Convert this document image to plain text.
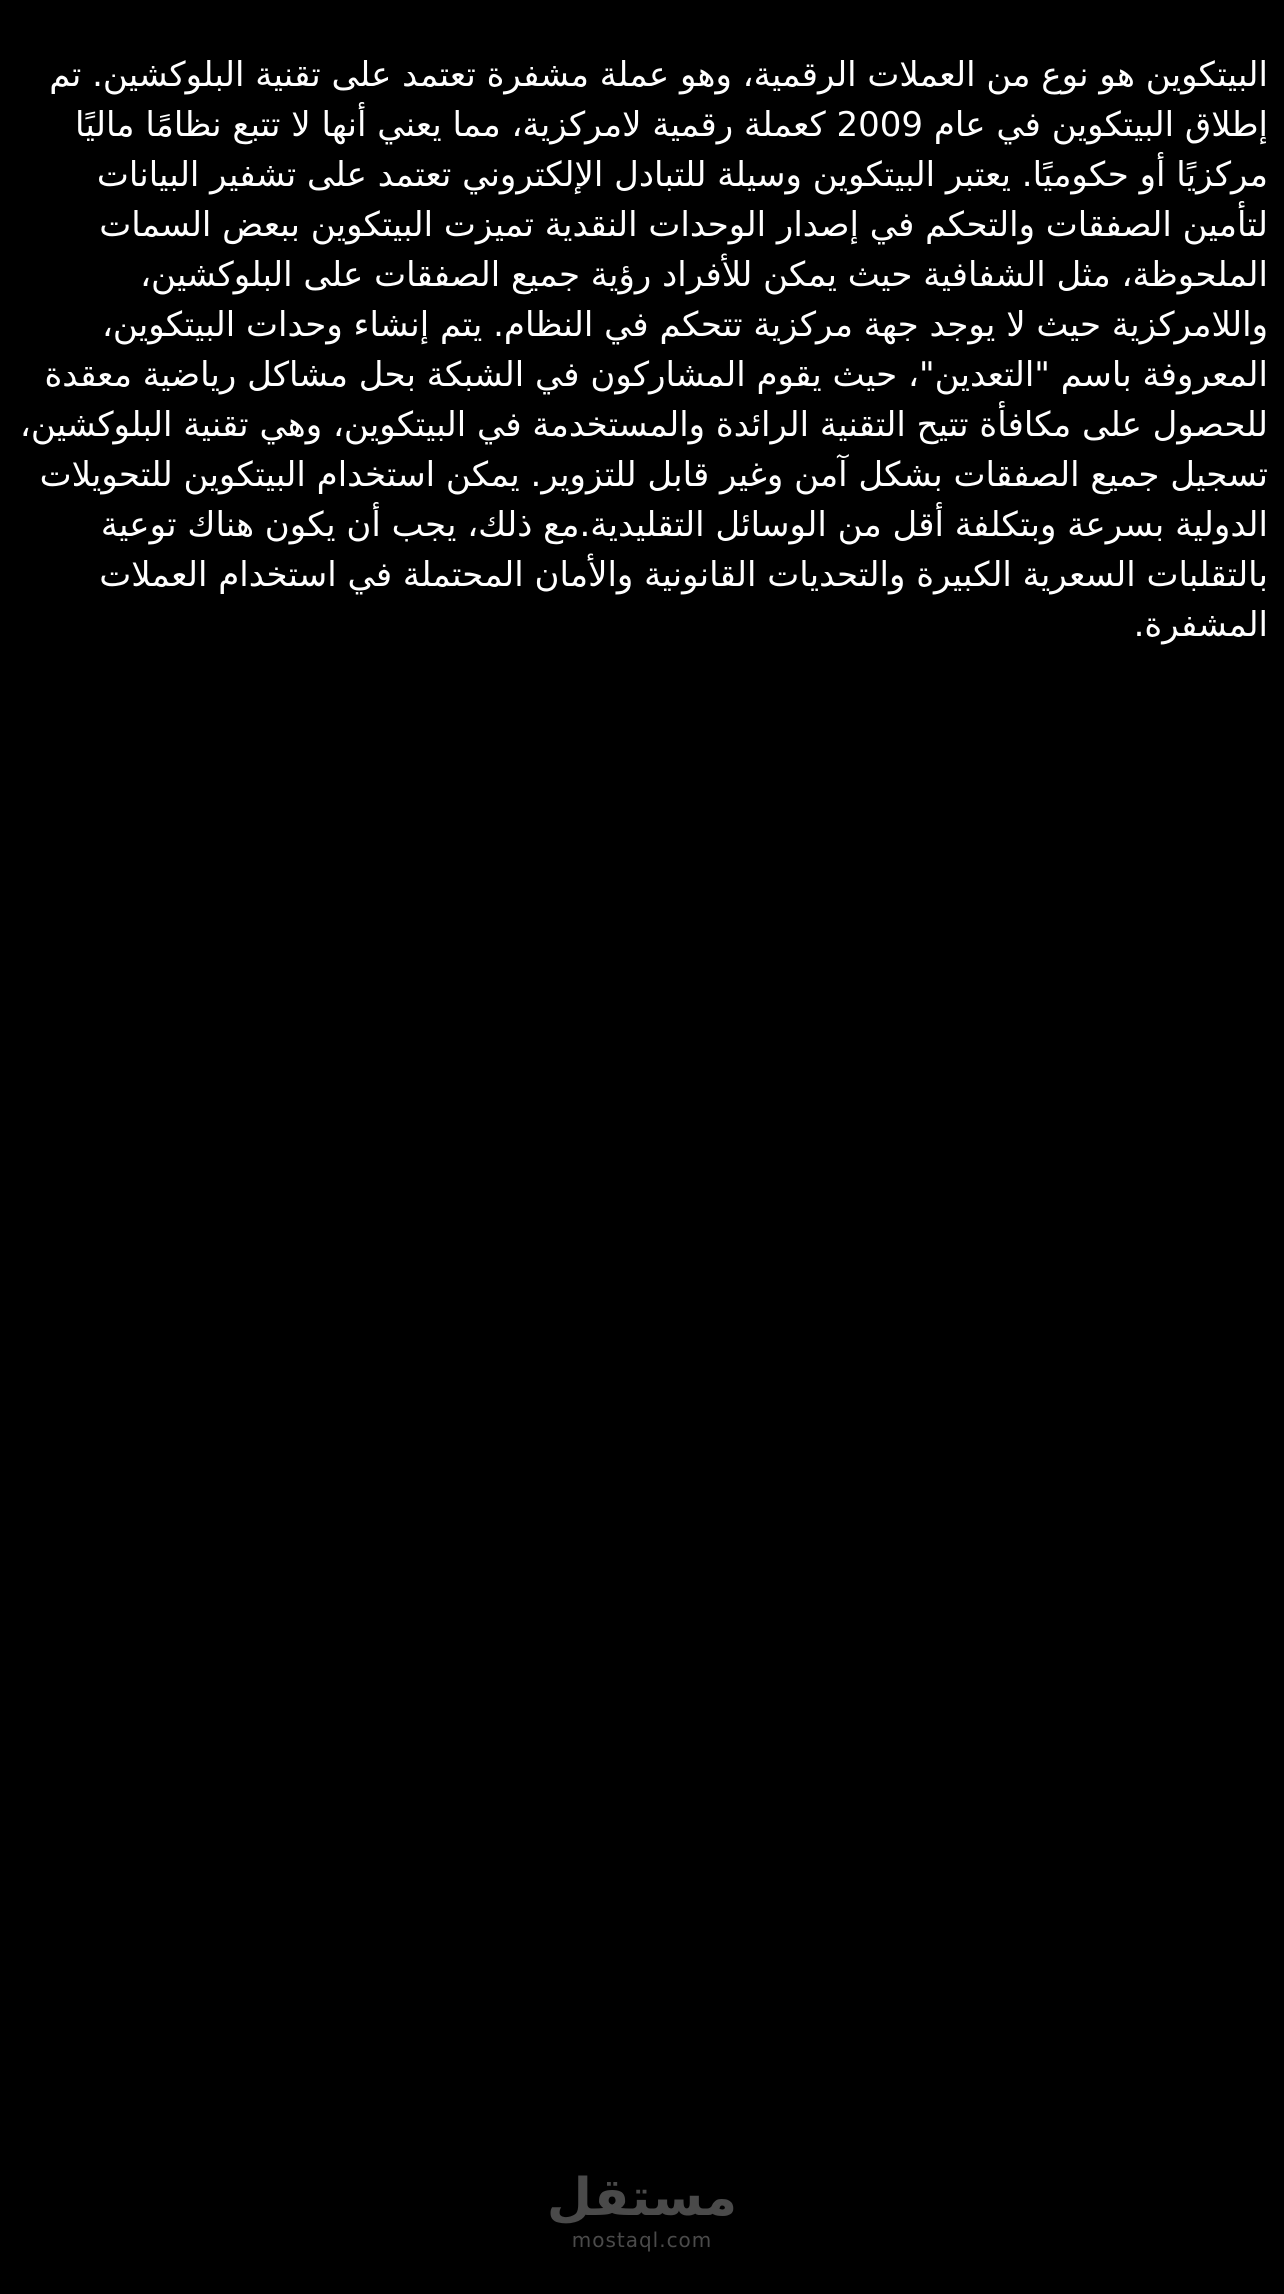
البيتكوين هو نوع من العملات الرقمية، وهو عملة مشفرة تعتمد على تقنية البلوكشين. تم إطلاق البيتكوين في عام 2009 كعملة رقمية لامركزية، مما يعني أنها لا تتبع نظامًا ماليًا مركزيًا أو حكوميًا. يعتبر البيتكوين وسيلة للتبادل الإلكتروني تعتمد على تشفير البيانات لتأمين الصفقات والتحكم في إصدار الوحدات النقدية تميزت البيتكوين ببعض السمات الملحوظة، مثل الشفافية حيث يمكن للأفراد رؤية جميع الصفقات على البلوكشين، واللامركزية حيث لا يوجد جهة مركزية تتحكم في النظام. يتم إنشاء وحدات البيتكوين، المعروفة باسم "التعدين"، حيث يقوم المشاركون في الشبكة بحل مشاكل رياضية معقدة للحصول على مكافأة تتيح التقنية الرائدة والمستخدمة في البيتكوين، وهي تقنية البلوكشين، تسجيل جميع الصفقات بشكل آمن وغير قابل للتزوير. يمكن استخدام البيتكوين للتحويلات الدولية بسرعة وبتكلفة أقل من الوسائل التقليدية.مع ذلك، يجب أن يكون هناك توعية بالتقلبات السعرية الكبيرة والتحديات القانونية والأمان المحتملة في استخدام العملات المشفرة.

مستقل
mostaql.com
